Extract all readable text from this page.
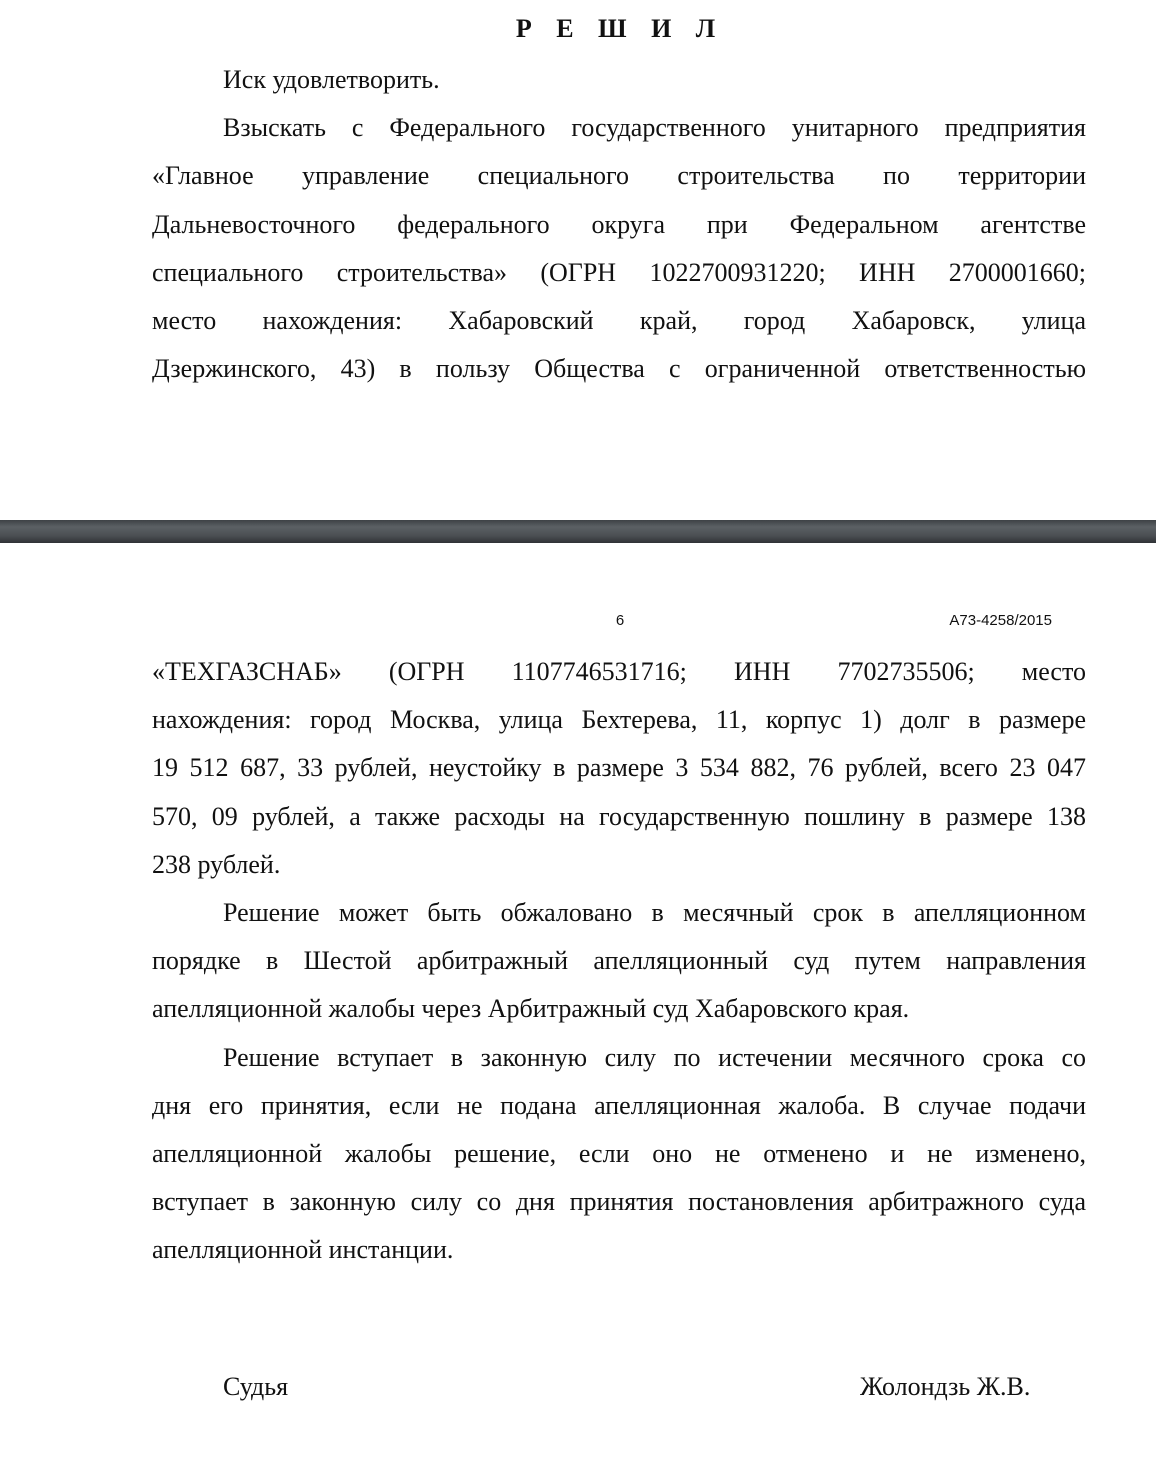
Р Е Ш И Л
Иск удовлетворить.
Взыскать с Федерального государственного унитарного предприятия
«Главное управление специального строительства по территории
Дальневосточного федерального округа при Федеральном агентстве
специального строительства» (ОГРН 1022700931220; ИНН 2700001660;
место нахождения: Хабаровский край, город Хабаровск, улица
Дзержинского, 43) в пользу Общества с ограниченной ответственностью
6	А73-4258/2015
«ТЕХГАЗСНАБ» (ОГРН 1107746531716; ИНН 7702735506; место
нахождения: город Москва, улица Бехтерева, 11, корпус 1) долг в размере
19 512 687, 33 рублей, неустойку в размере 3 534 882, 76 рублей, всего 23 047
570, 09 рублей, а также расходы на государственную пошлину в размере 138
238 рублей.
Решение может быть обжаловано в месячный срок в апелляционном
порядке в Шестой арбитражный апелляционный суд путем направления
апелляционной жалобы через Арбитражный суд Хабаровского края.
Решение вступает в законную силу по истечении месячного срока со
дня его принятия, если не подана апелляционная жалоба. В случае подачи
апелляционной жалобы решение, если оно не отменено и не изменено,
вступает в законную силу со дня принятия постановления арбитражного суда
апелляционной инстанции.
Судья	Жолондзь Ж.В.
